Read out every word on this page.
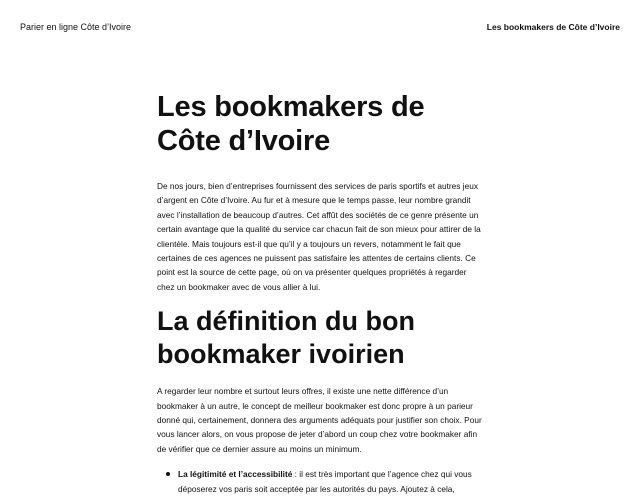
Parier en ligne Côte d’Ivoire	Les bookmakers de Côte d’Ivoire
Les bookmakers de Côte d’Ivoire

De nos jours, bien d’entreprises fournissent des services de paris sportifs et autres jeux d’argent en Côte d’Ivoire. Au fur et à mesure que le temps passe, leur nombre grandit avec l’installation de beaucoup d’autres. Cet affût des sociétés de ce genre présente un certain avantage que la qualité du service car chacun fait de son mieux pour attirer de la clientèle. Mais toujours est-il que qu’il y a toujours un revers, notamment le fait que certaines de ces agences ne puissent pas satisfaire les attentes de certains clients. Ce point est la source de cette page, où on va présenter quelques propriétés à regarder chez un bookmaker avec de vous allier à lui.

La définition du bon bookmaker ivoirien

A regarder leur nombre et surtout leurs offres, il existe une nette différence d’un bookmaker à un autre, le concept de meilleur bookmaker est donc propre à un parieur donné qui, certainement, donnera des arguments adéquats pour justifier son choix. Pour vous lancer alors, on vous propose de jeter d’abord un coup chez votre bookmaker afin de vérifier que ce dernier assure au moins un minimum.

La légitimité et l’accessibilité : il est très important que l’agence chez qui vous déposerez vos paris soit acceptée par les autorités du pays. Ajoutez à cela,
